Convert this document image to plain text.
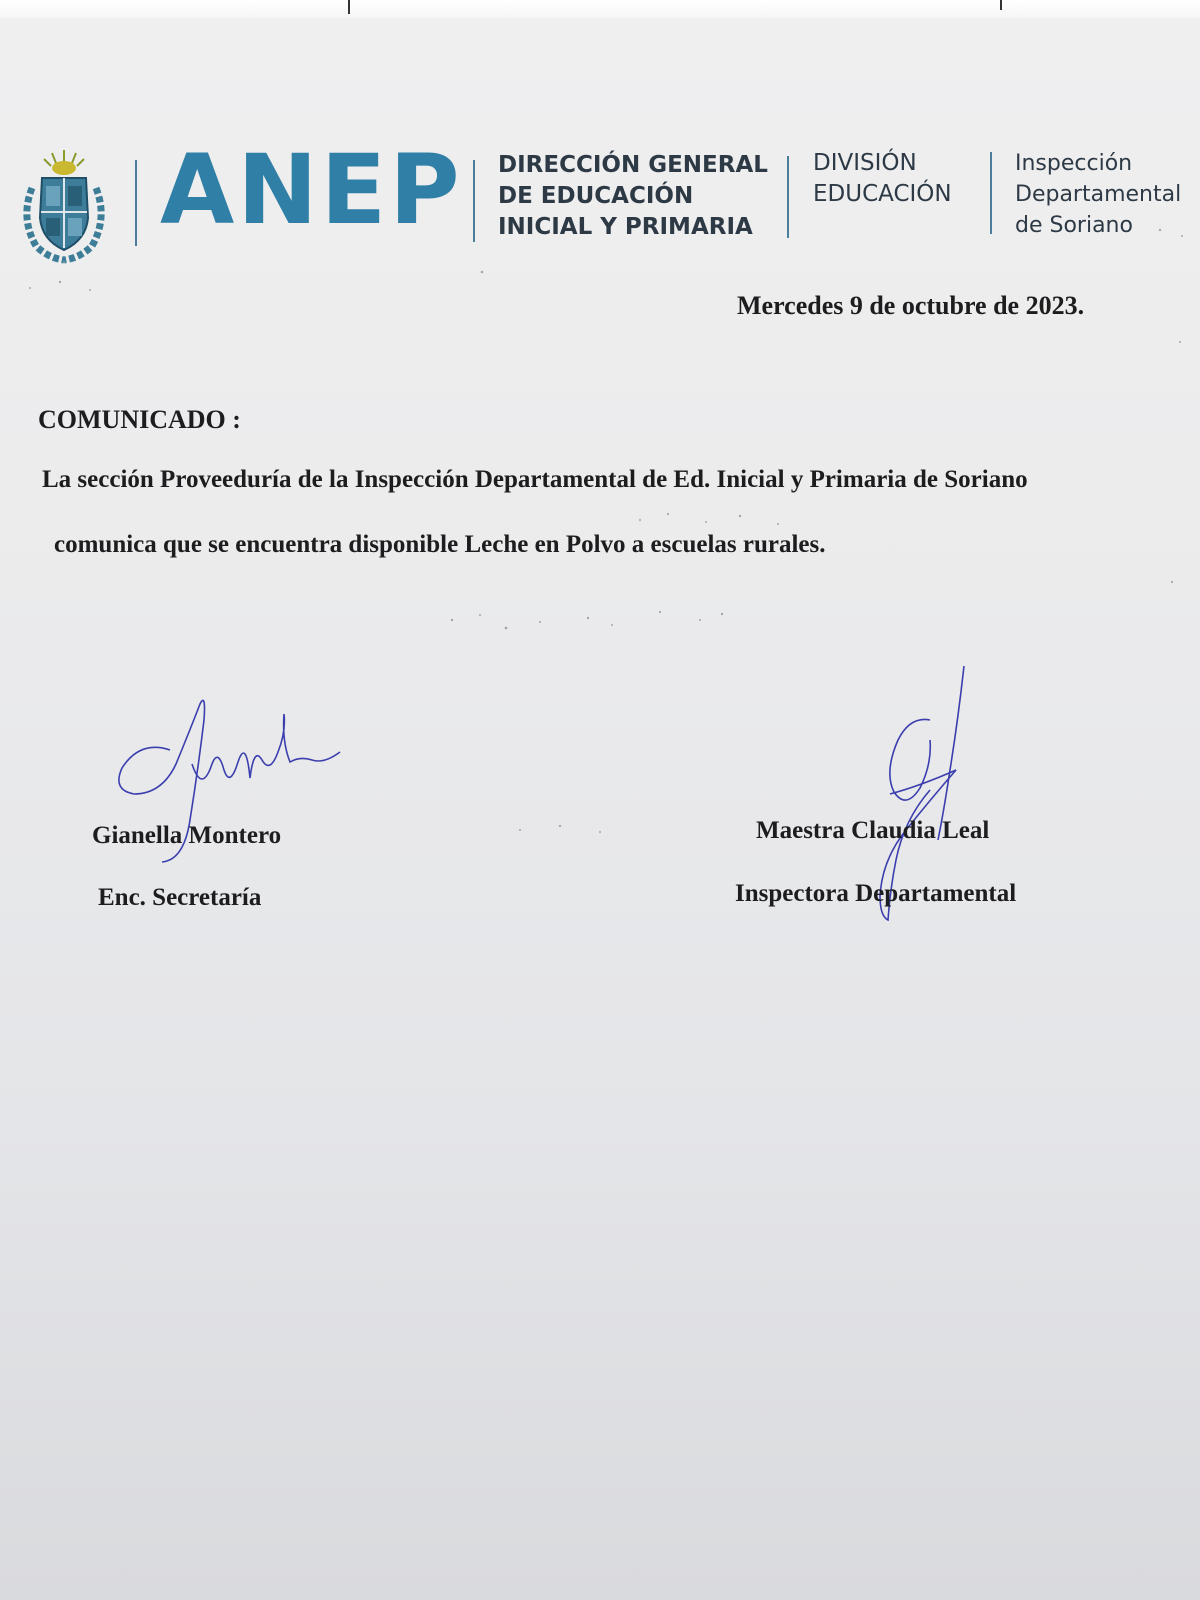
ANEP DIRECCIÓN GENERAL
DE EDUCACIÓN
INICIAL Y PRIMARIA
DIVISIÓN
EDUCACIÓN
Inspección
Departamental
de Soriano
Mercedes 9 de octubre de 2023.
COMUNICADO :
La sección Proveeduría de la Inspección Departamental de Ed. Inicial y Primaria de Soriano
comunica que se encuentra disponible Leche en Polvo a escuelas rurales.
Gianella Montero
Enc. Secretaría
Maestra Claudia Leal
Inspectora Departamental
